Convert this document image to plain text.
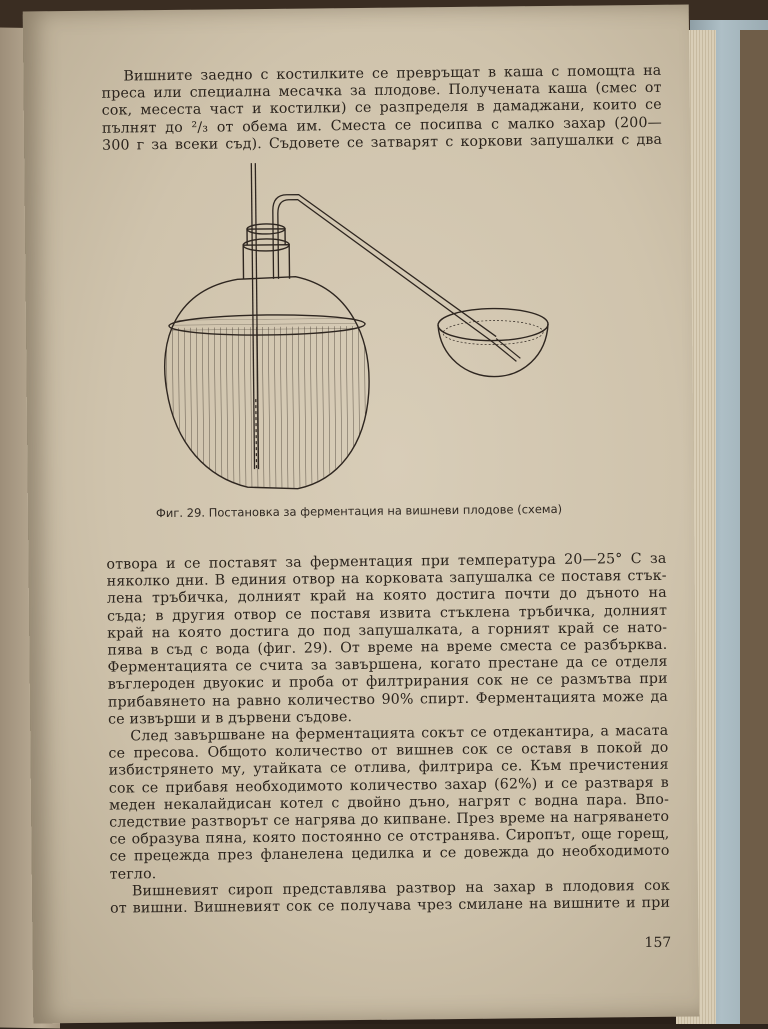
Вишните заедно с костилките се превръщат в каша с помощта на
преса или специална месачка за плодове. Получената каша (смес от
сок, месеста част и костилки) се разпределя в дамаджани, които се
пълнят до ²/₃ от обема им. Сместа се посипва с малко захар (200—
300 г за всеки съд). Съдовете се затварят с коркови запушалки с два
Фиг. 29. Постановка за ферментация на вишневи плодове (схема)
отвора и се поставят за ферментация при температура 20—25° С за
няколко дни. В единия отвор на корковата запушалка се поставя стък-
лена тръбичка, долният край на която достига почти до дъното на
съда; в другия отвор се поставя извита стъклена тръбичка, долният
край на която достига до под запушалката, а горният край се нато-
пява в съд с вода (фиг. 29). От време на време сместа се разбърква.
Ферментацията се счита за завършена, когато престане да се отделя
въглероден двуокис и проба от филтрирания сок не се размътва при
прибавянето на равно количество 90% спирт. Ферментацията може да
се извърши и в дървени съдове.
След завършване на ферментацията сокът се отдекантира, а масата
се пресова. Общото количество от вишнев сок се оставя в покой до
избистрянето му, утайката се отлива, филтрира се. Към пречистения
сок се прибавя необходимото количество захар (62%) и се разтваря в
меден некалайдисан котел с двойно дъно, нагрят с водна пара. Впо-
следствие разтворът се нагрява до кипване. През време на нагряването
се образува пяна, която постоянно се отстранява. Сиропът, още горещ,
се прецежда през фланелена цедилка и се довежда до необходимото
тегло.
Вишневият сироп представлява разтвор на захар в плодовия сок
от вишни. Вишневият сок се получава чрез смилане на вишните и при
157
